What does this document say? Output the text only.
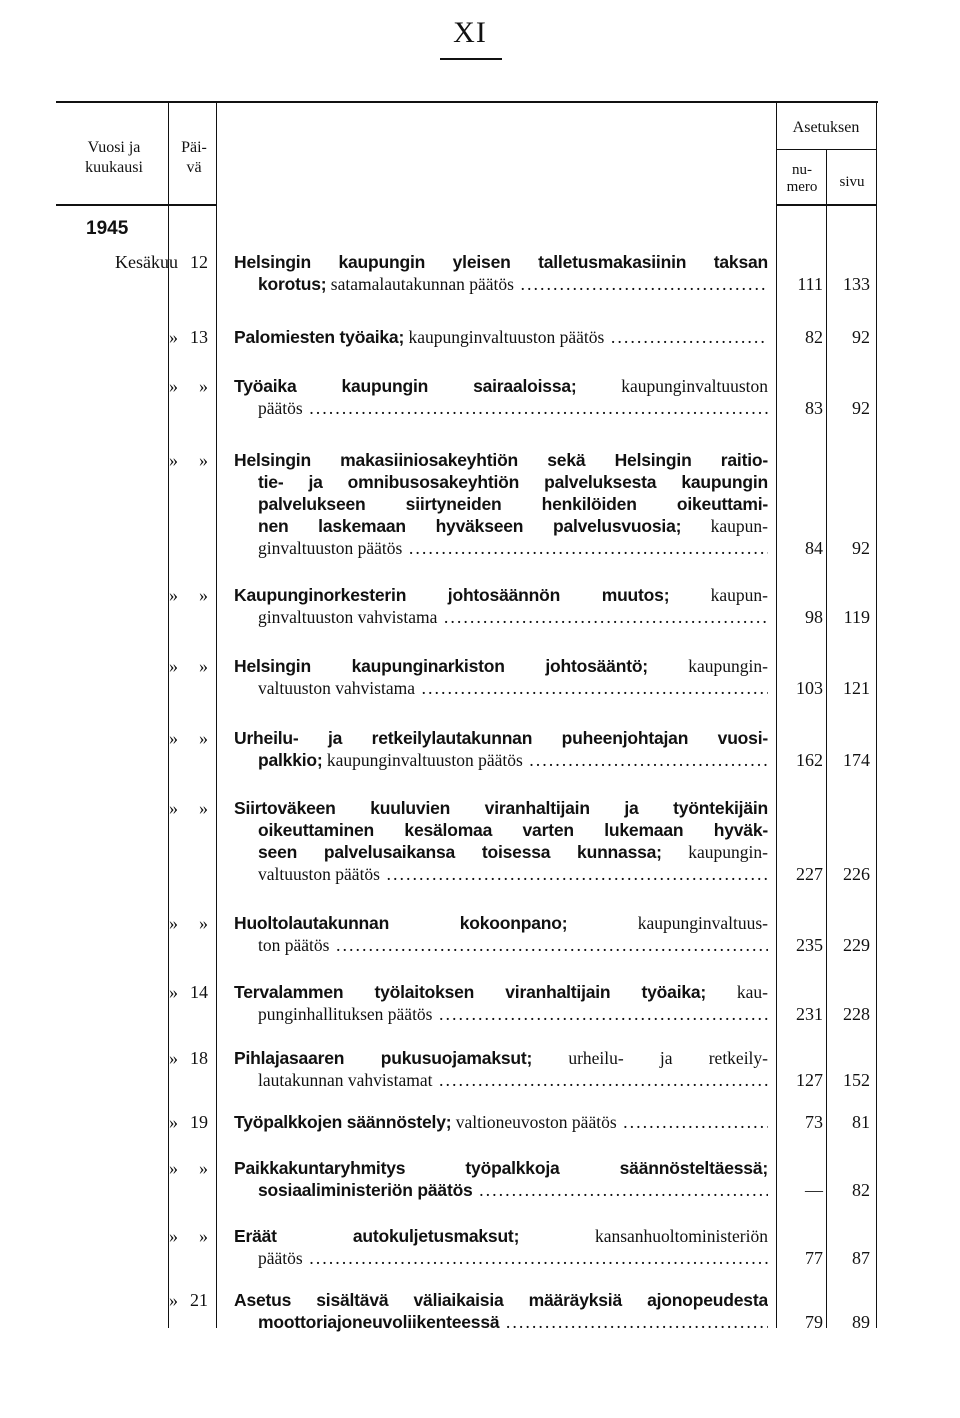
XI
Vuosi ja
kuukausi
Päi-
vä
Asetuksen
nu-
mero	sivu
1945
Kesäkuu 12 Helsingin kaupungin yleisen talletusmakasiinin taksan
korotus; satamalautakunnan päätös .....	111	133
» 13 Palomiesten työaika; kaupunginvaltuuston päätös .....	82	92
»	» Työaika kaupungin sairaaloissa; kaupunginvaltuuston
päätös .....	83	92
»	» Helsingin makasiiniosakeyhtiön sekä Helsingin raitio-
tie- ja omnibusosakeyhtiön palveluksesta kaupungin
palvelukseen siirtyneiden henkilöiden oikeuttami-
nen laskemaan hyväkseen palvelusvuosia; kaupun-
ginvaltuuston päätös .....	84	92
»	» Kaupunginorkesterin johtosäännön muutos; kaupun-
ginvaltuuston vahvistama .....	98	119
»	» Helsingin kaupunginarkiston johtosääntö; kaupungin-
valtuuston vahvistama .....	103	121
»	» Urheilu- ja retkeilylautakunnan puheenjohtajan vuosi-
palkkio; kaupunginvaltuuston päätös .....	162	174
»	» Siirtoväkeen kuuluvien viranhaltijain ja työntekijäin
oikeuttaminen kesälomaa varten lukemaan hyväk-
seen palvelusaikansa toisessa kunnassa; kaupungin-
valtuuston päätös .....	227	226
»	» Huoltolautakunnan kokoonpano; kaupunginvaltuus-
ton päätös .....	235	229
» 14 Tervalammen työlaitoksen viranhaltijain työaika; kau-
punginhallituksen päätös .....	231	228
» 18 Pihlajasaaren pukusuojamaksut; urheilu- ja retkeily-
lautakunnan vahvistamat .....	127	152
» 19 Työpalkkojen säännöstely; valtioneuvoston päätös .....	73	81
»	» Paikkakuntaryhmitys työpalkkoja säännösteltäessä;
sosiaaliministeriön päätös .....	—	82
»	» Eräät autokuljetusmaksut; kansanhuoltoministeriön
päätös .....	77	87
» 21 Asetus sisältävä väliaikaisia määräyksiä ajonopeudesta
moottoriajoneuvoliikenteessä .....	79	89
